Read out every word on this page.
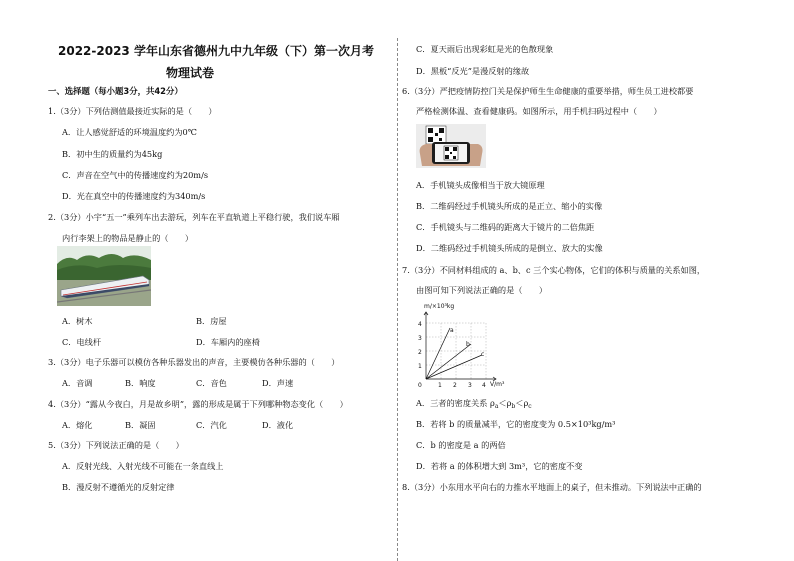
2022-2023 学年山东省德州九中九年级（下）第一次月考
物理试卷
一、选择题（每小题3分，共42分）
1.（3分）下列估测值最接近实际的是（　　）
A．让人感觉舒适的环境温度约为0℃
B．初中生的质量约为45kg
C．声音在空气中的传播速度约为20m/s
D．光在真空中的传播速度约为340m/s
2.（3分）小宇“五一”乘列车出去游玩，列车在平直轨道上平稳行驶，我们说车厢
内行李架上的物品是静止的（　　）
A．树木	B．房屋
C．电线杆	D．车厢内的座椅
3.（3分）电子乐器可以模仿各种乐器发出的声音，主要模仿各种乐器的（　　）
A．音调	B．响度	C．音色	D．声速
4.（3分）“露从今夜白，月是故乡明”，露的形成是属于下列哪种物态变化（　　）
A．熔化	B．凝固	C．汽化	D．液化
5.（3分）下列说法正确的是（　　）
A．反射光线、入射光线不可能在一条直线上
B．漫反射不遵循光的反射定律
C．夏天雨后出现彩虹是光的色散现象
D．黑板“反光”是漫反射的缘故
6.（3分）严把疫情防控门关是保护师生生命健康的重要举措，师生员工进校都要
严格检测体温、查看健康码。如图所示，用手机扫码过程中（　　）
A．手机镜头成像相当于放大镜原理
B．二维码经过手机镜头所成的是正立、缩小的实像
C．手机镜头与二维码的距离大于镜片的二倍焦距
D．二维码经过手机镜头所成的是倒立、放大的实像
7.（3分）不同材料组成的 a、b、c 三个实心物体，它们的体积与质量的关系如图，
由图可知下列说法正确的是（　　）
m/×10³kg
V/m³
4
3
2
1
0	1 2 3 4
a
b
c
A．三者的密度关系 $\rho_a<\rho_b<\rho_c$
B．若将 b 的质量减半，它的密度变为 0.5×10³kg/m³
C．b 的密度是 a 的两倍
D．若将 a 的体积增大到 3m³，它的密度不变
8.（3分）小东用水平向右的力推水平地面上的桌子，但未推动。下列说法中正确的
